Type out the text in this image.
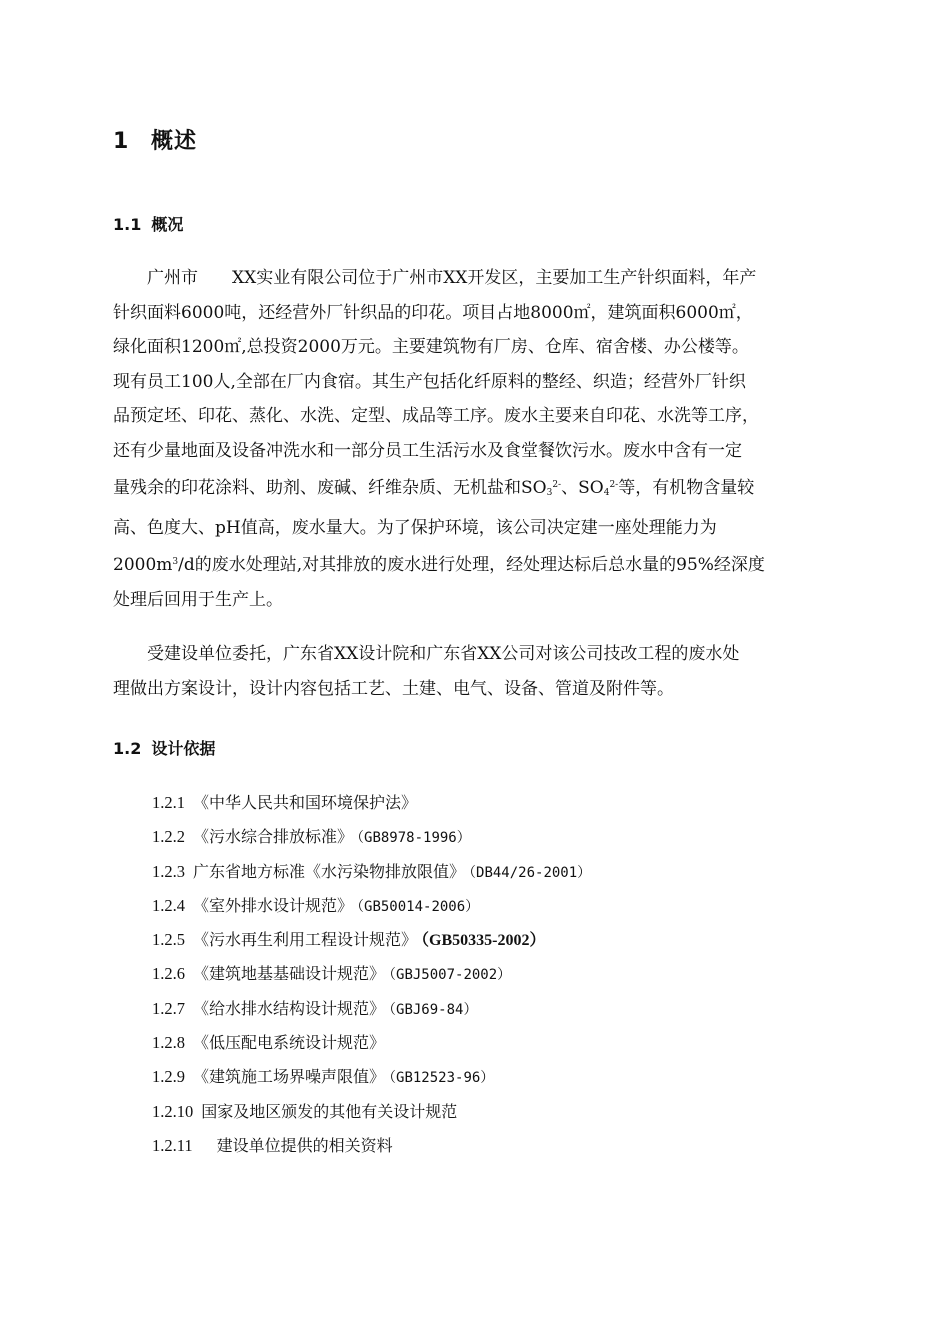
1 概述
1.1 概况
广州市　　XX实业有限公司位于广州市XX开发区，主要加工生产针织面料，年产
针织面料6000吨，还经营外厂针织品的印花。项目占地8000㎡，建筑面积6000㎡，
绿化面积1200㎡,总投资2000万元。主要建筑物有厂房、仓库、宿舍楼、办公楼等。
现有员工100人,全部在厂内食宿。其生产包括化纤原料的整经、织造；经营外厂针织
品预定坯、印花、蒸化、水洗、定型、成品等工序。废水主要来自印花、水洗等工序，
还有少量地面及设备冲洗水和一部分员工生活污水及食堂餐饮污水。废水中含有一定
量残余的印花涂料、助剂、废碱、纤维杂质、无机盐和$SO_3^{2-}$、$SO_4^{2-}$等，有机物含量较
高、色度大、pH值高，废水量大。为了保护环境，该公司决定建一座处理能力为
$2000m^3/d$的废水处理站,对其排放的废水进行处理，经处理达标后总水量的95%经深度
处理后回用于生产上。
受建设单位委托，广东省XX设计院和广东省XX公司对该公司技改工程的废水处
理做出方案设计，设计内容包括工艺、土建、电气、设备、管道及附件等。
1.2 设计依据
1.2.1 《中华人民共和国环境保护法》
1.2.2 《污水综合排放标准》 （GB8978-1996）
1.2.3 广东省地方标准《水污染物排放限值》 （DB44/26-2001）
1.2.4 《室外排水设计规范》 （GB50014-2006）
1.2.5 《污水再生利用工程设计规范》 （GB50335-2002）
1.2.6 《建筑地基基础设计规范》 （GBJ5007-2002）
1.2.7 《给水排水结构设计规范》 （GBJ69-84）
1.2.8 《低压配电系统设计规范》
1.2.9 《建筑施工场界噪声限值》 （GB12523-96）
1.2.10 国家及地区颁发的其他有关设计规范
1.2.11　建设单位提供的相关资料
